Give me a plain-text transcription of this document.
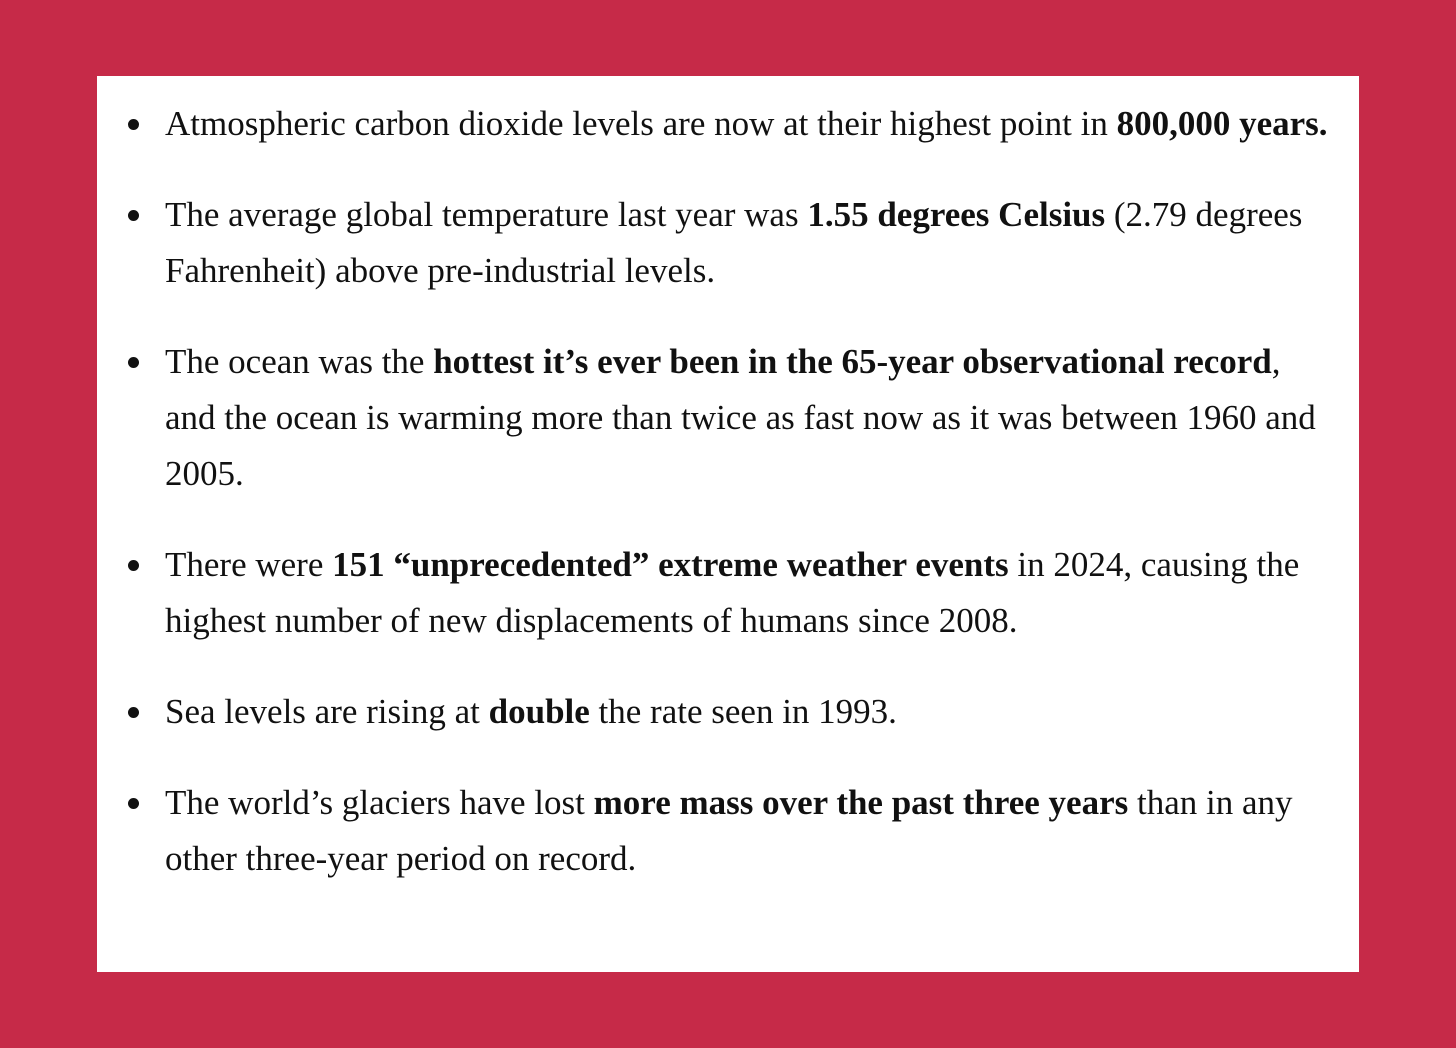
Atmospheric carbon dioxide levels are now at their highest point in 800,000 years.
The average global temperature last year was 1.55 degrees Celsius (2.79 degrees Fahrenheit) above pre-industrial levels.
The ocean was the hottest it’s ever been in the 65-year observational record, and the ocean is warming more than twice as fast now as it was between 1960 and 2005.
There were 151 “unprecedented” extreme weather events in 2024, causing the highest number of new displacements of humans since 2008.
Sea levels are rising at double the rate seen in 1993.
The world’s glaciers have lost more mass over the past three years than in any other three-year period on record.
